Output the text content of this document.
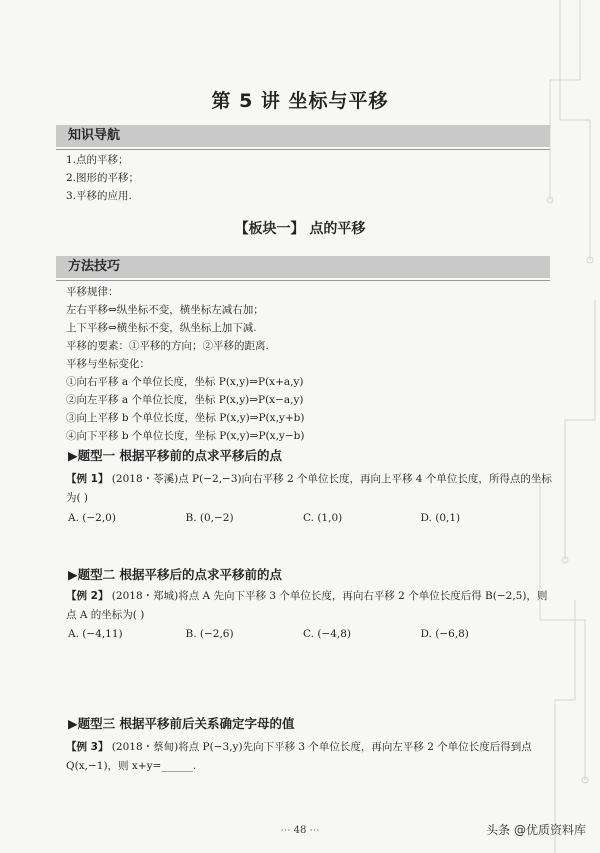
第 5 讲 坐标与平移
知识导航
1.点的平移；
2.图形的平移；
3.平移的应用.
【板块一】 点的平移
方法技巧
平移规律：
左右平移⇔纵坐标不变，横坐标左减右加；
上下平移⇔横坐标不变，纵坐标上加下减.
平移的要素：①平移的方向；②平移的距离.
平移与坐标变化：
①向右平移 a 个单位长度，坐标 P(x,y)⇒P(x+a,y)
②向左平移 a 个单位长度，坐标 P(x,y)⇒P(x−a,y)
③向上平移 b 个单位长度，坐标 P(x,y)⇒P(x,y+b)
④向下平移 b 个单位长度，坐标 P(x,y)⇒P(x,y−b)
▶题型一 根据平移前的点求平移后的点
【例 1】 (2018・苓溪)点 P(−2,−3)向右平移 2 个单位长度，再向上平移 4 个单位长度，所得点的坐标为( )
A. (−2,0)	B. (0,−2)	C. (1,0)	D. (0,1)
▶题型二 根据平移后的点求平移前的点
【例 2】 (2018・郑城)将点 A 先向下平移 3 个单位长度，再向右平移 2 个单位长度后得 B(−2,5)，则点 A 的坐标为( )
A. (−4,11)	B. (−2,6)	C. (−4,8)	D. (−6,8)
▶题型三 根据平移前后关系确定字母的值
【例 3】 (2018・蔡甸)将点 P(−3,y)先向下平移 3 个单位长度，再向左平移 2 个单位长度后得到点 Q(x,−1)，则 x+y=______.
⋯ 48 ⋯	头条 @优质资料库
